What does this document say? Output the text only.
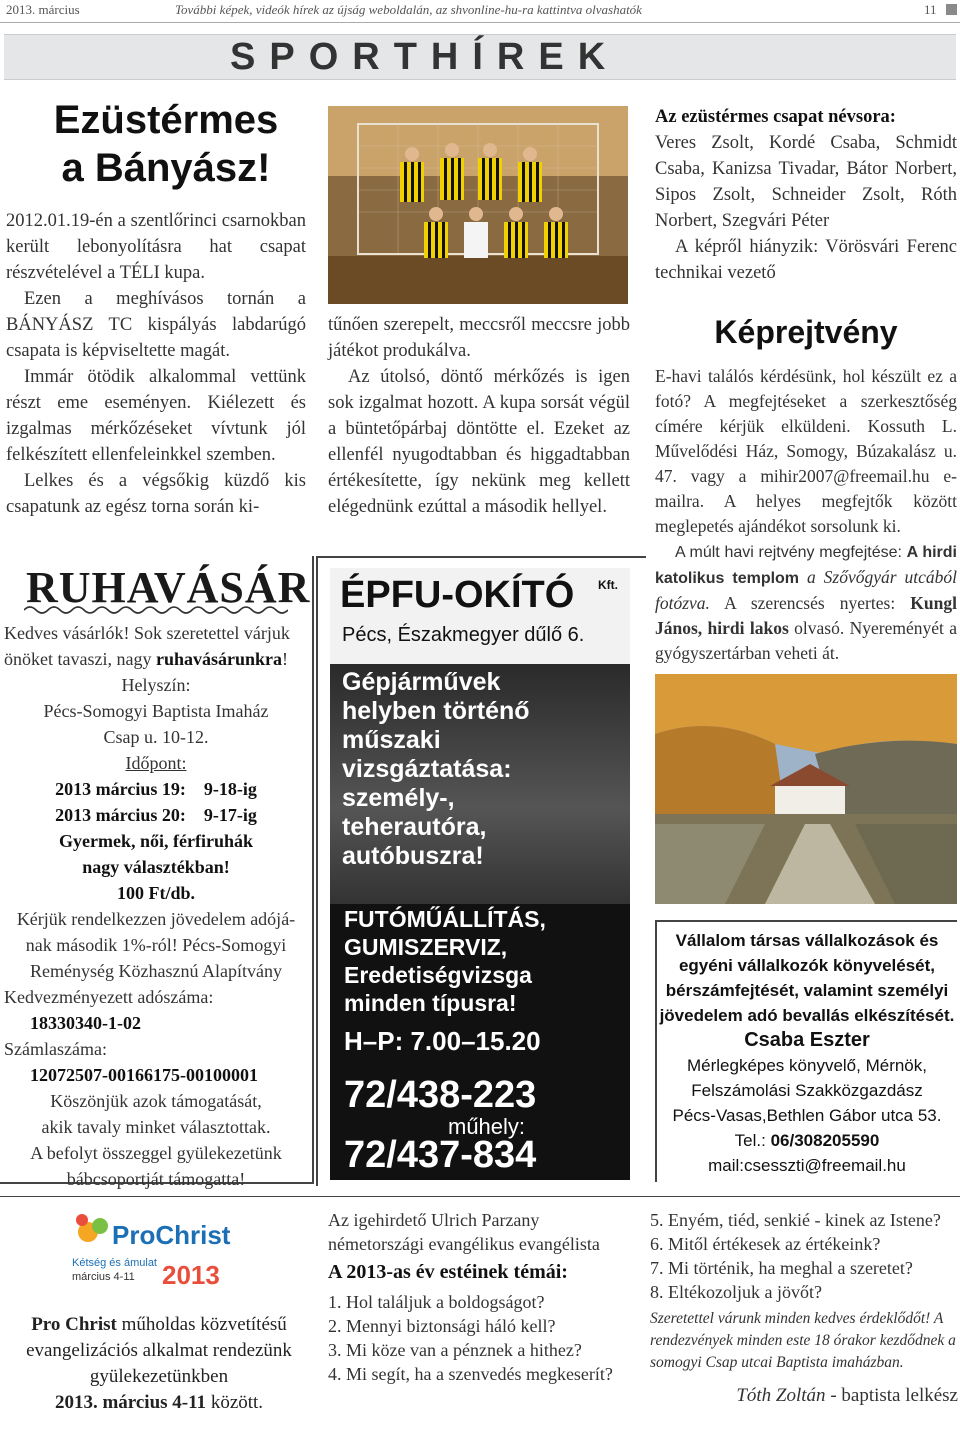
2013. március	További képek, videók hírek az újság weboldalán, az shvonline-hu-ra kattintva olvashatók	11
SPORTHÍREK
Ezüstérmes
a Bányász!

2012.01.19-én a szentlőrinci csarnokban került lebonyolításra hat csapat részvételével a TÉLI kupa.

Ezen a meghívásos tornán a BÁNYÁSZ TC kispályás labdarúgó csapata is képviseltette magát.

Immár ötödik alkalommal vettünk részt eme eseményen. Kiélezett és izgalmas mérkőzéseket vívtunk jól felkészített ellenfeleinkkel szemben.

Lelkes és a végsőkig küzdő kis csapatunk az egész torna során ki-

tűnően szerepelt, meccsről meccsre jobb játékot produkálva.

Az útolsó, döntő mérkőzés is igen sok izgalmat hozott. A kupa sorsát végül a büntetőpárbaj döntötte el. Ezeket az ellenfél nyugodtabban és higgadtabban értékesítette, így nekünk meg kellett elégednünk ezúttal a második hellyel.

Az ezüstérmes csapat névsora:
Veres Zsolt, Kordé Csaba, Schmidt Csaba, Kanizsa Tivadar, Bátor Norbert, Sipos Zsolt, Schneider Zsolt, Róth Norbert, Szegvári Péter
A képről hiányzik: Vörösvári Ferenc technikai vezető
RUHAVÁSÁR
Kedves vásárlók! Sok szeretettel várjuk önöket tavaszi, nagy ruhavásárunkra!
Helyszín:
Pécs-Somogyi Baptista Imaház
Csap u. 10-12.
Időpont:
2013 március 19:    9-18-ig
2013 március 20:    9-17-ig
Gyermek, női, férfiruhák
nagy választékban!
100 Ft/db.
Kérjük rendelkezzen jövedelem adójá-
nak második 1%-ról! Pécs-Somogyi
Reménység Közhasznú Alapítvány
Kedvezményezett adószáma:
18330340-1-02
Számlaszáma:
12072507-00166175-00100001
Köszönjük azok támogatását,
akik tavaly minket választottak.
A befolyt összeggel gyülekezetünk
bábcsoportját támogatta!
ÉPFU-OKÍTÓ Kft.
Pécs, Északmegyer dűlő 6.
Gépjárművek
helyben történő
műszaki
vizsgáztatása:
személy-,
teherautóra,
autóbuszra!
FUTÓMŰÁLLÍTÁS,
GUMISZERVIZ,
Eredetiségvizsga
minden típusra!
H–P: 7.00–15.20
72/438-223
műhely:
72/437-834
Képrejtvény

E-havi találós kérdésünk, hol készült ez a fotó? A megfejtéseket a szerkesztőség címére kérjük elküldeni. Kossuth L. Művelődési Ház, Somogy, Búzakalász u. 47. vagy a mihir2007@freemail.hu e-mailra. A helyes megfejtők között meglepetés ajándékot sorsolunk ki.

A múlt havi rejtvény megfejtése: A hirdi katolikus templom a Szővőgyár utcából fotózva. A szerencsés nyertes: Kungl János, hirdi lakos olvasó. Nyereményét a gyógyszertárban veheti át.

Vállalom társas vállalkozások és
egyéni vállalkozók könyvelését,
bérszámfejtését, valamint személyi
jövedelem adó bevallás elkészítését.
Csaba Eszter
Mérlegképes könyvelő, Mérnök,
Felszámolási Szakközgazdász
Pécs-Vasas,Bethlen Gábor utca 53.
Tel.: 06/308205590
mail:csesszti@freemail.hu
ProChrist
Kétség és ámulat
március 4-11 2013
Pro Christ műholdas közvetítésű
evangelizációs alkalmat rendezünk
gyülekezetünkben
2013. március 4-11 között.
Az igehirdető Ulrich Parzany németországi evangélikus evangélista
A 2013-as év estéinek témái:
1. Hol találjuk a boldogságot?
2. Mennyi biztonsági háló kell?
3. Mi köze van a pénznek a hithez?
4. Mi segít, ha a szenvedés megkeserít?
5. Enyém, tiéd, senkié - kinek az Istene?
6. Mitől értékesek az értékeink?
7. Mi történik, ha meghal a szeretet?
8. Eltékozoljuk a jövőt?
Szeretettel várunk minden kedves érdeklődőt! A rendezvények minden este 18 órakor kezdődnek a somogyi Csap utcai Baptista imaházban.
Tóth Zoltán - baptista lelkész
